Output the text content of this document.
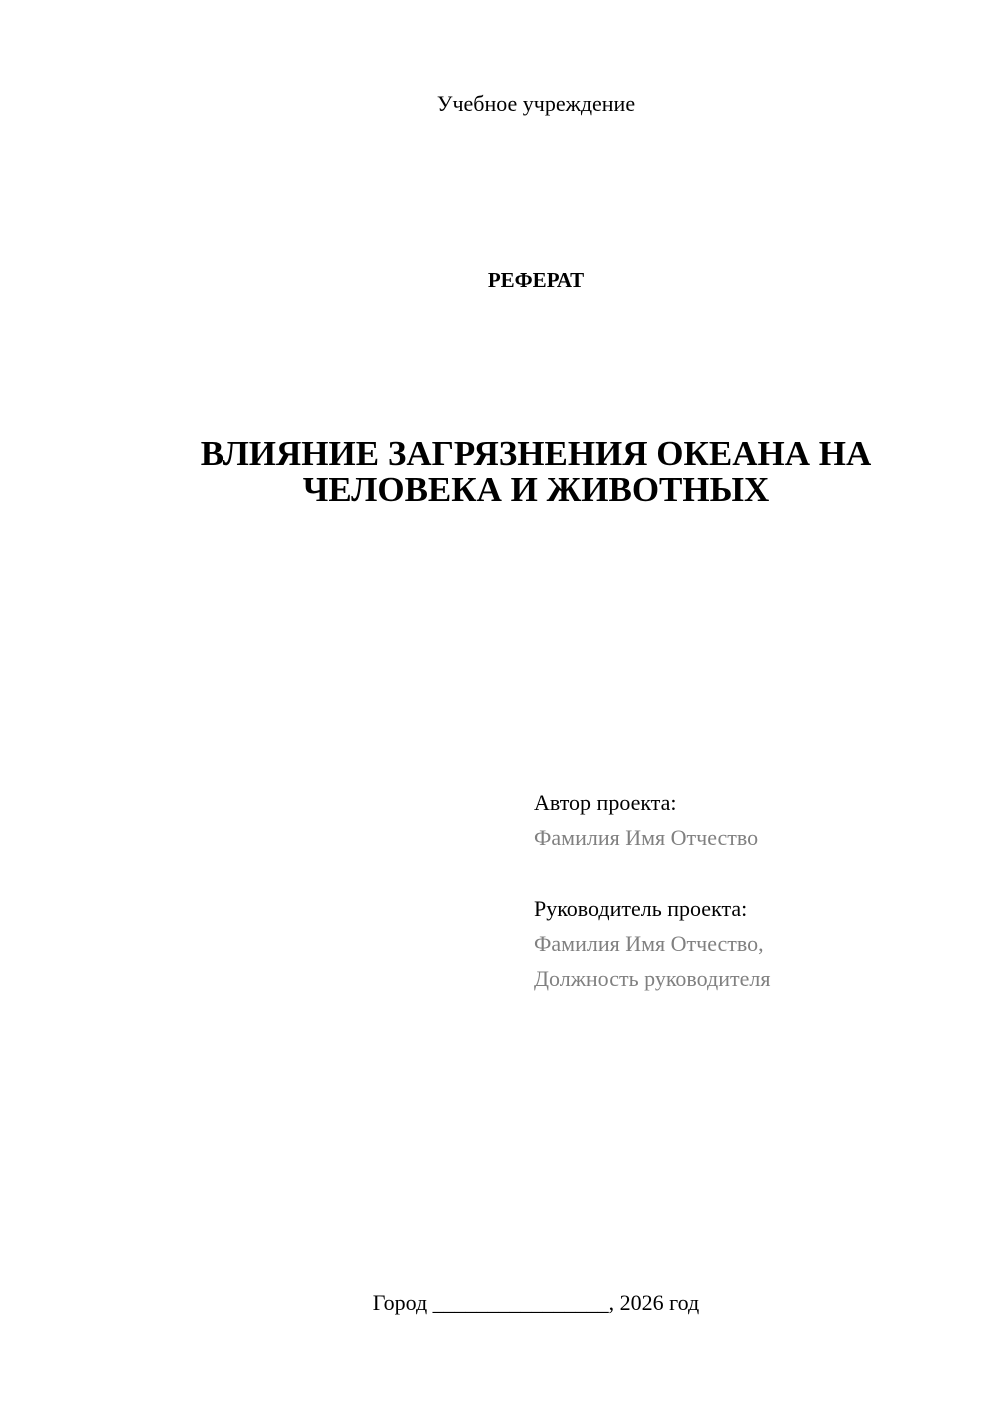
Учебное учреждение
РЕФЕРАТ
ВЛИЯНИЕ ЗАГРЯЗНЕНИЯ ОКЕАНА НА
ЧЕЛОВЕКА И ЖИВОТНЫХ
Автор проекта:
Фамилия Имя Отчество
Руководитель проекта:
Фамилия Имя Отчество,
Должность руководителя
Город ________________, 2026 год
